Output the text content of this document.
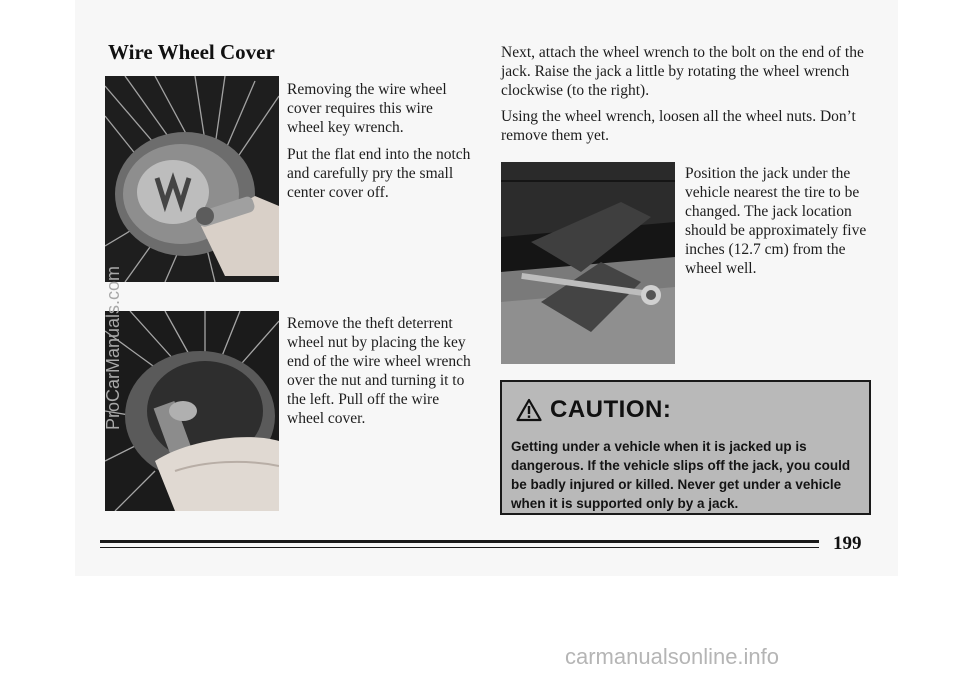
Wire Wheel Cover
Removing the wire wheel cover requires this wire wheel key wrench.
Put the flat end into the notch and carefully pry the small center cover off.
Remove the theft deterrent wheel nut by placing the key end of the wire wheel wrench over the nut and turning it to the left. Pull off the wire wheel cover.
Next, attach the wheel wrench to the bolt on the end of the jack. Raise the jack a little by rotating the wheel wrench clockwise (to the right).
Using the wheel wrench, loosen all the wheel nuts. Don’t remove them yet.
Position the jack under the vehicle nearest the tire to be changed. The jack location should be approximately five inches (12.7 cm) from the wheel well.
CAUTION:

Getting under a vehicle when it is jacked up is dangerous. If the vehicle slips off the jack, you could be badly injured or killed. Never get under a vehicle when it is supported only by a jack.

199
ProCarManuals.com
carmanualsonline.info
